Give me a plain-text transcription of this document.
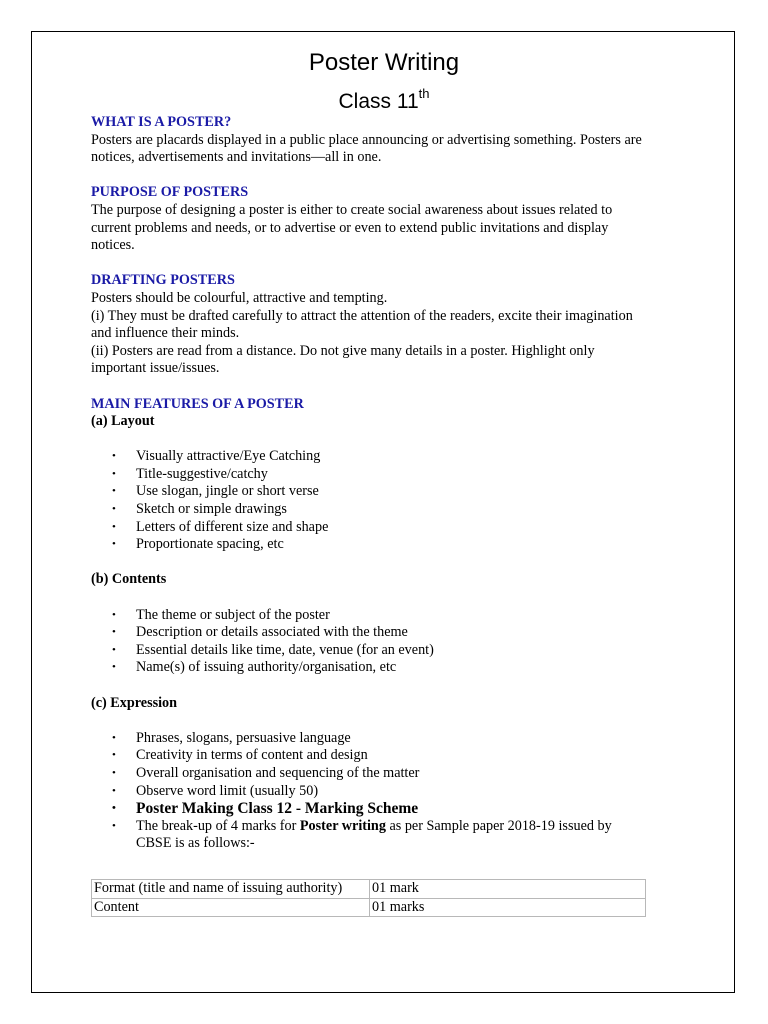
Poster Writing
Class 11th

WHAT IS A POSTER?

Posters are placards displayed in a public place announcing or advertising something. Posters are

notices, advertisements and invitations—all in one.

PURPOSE OF POSTERS

The purpose of designing a poster is either to create social awareness about issues related to

current problems and needs, or to advertise or even to extend public invitations and display

notices.

DRAFTING POSTERS

Posters should be colourful, attractive and tempting.

(i) They must be drafted carefully to attract the attention of the readers, excite their imagination

and influence their minds.

(ii) Posters are read from a distance. Do not give many details in a poster. Highlight only

important issue/issues.

MAIN FEATURES OF A POSTER

(a) Layout

• Visually attractive/Eye Catching
• Title-suggestive/catchy
• Use slogan, jingle or short verse
• Sketch or simple drawings
• Letters of different size and shape
• Proportionate spacing, etc

(b) Contents

• The theme or subject of the poster
• Description or details associated with the theme
• Essential details like time, date, venue (for an event)
• Name(s) of issuing authority/organisation, etc

(c) Expression

• Phrases, slogans, persuasive language
• Creativity in terms of content and design
• Overall organisation and sequencing of the matter
• Observe word limit (usually 50)
• Poster Making Class 12 - Marking Scheme
• The break-up of 4 marks for Poster writing as per Sample paper 2018-19 issued by
CBSE is as follows:-
Format (title and name of issuing authority)	01 mark
Content	01 marks
